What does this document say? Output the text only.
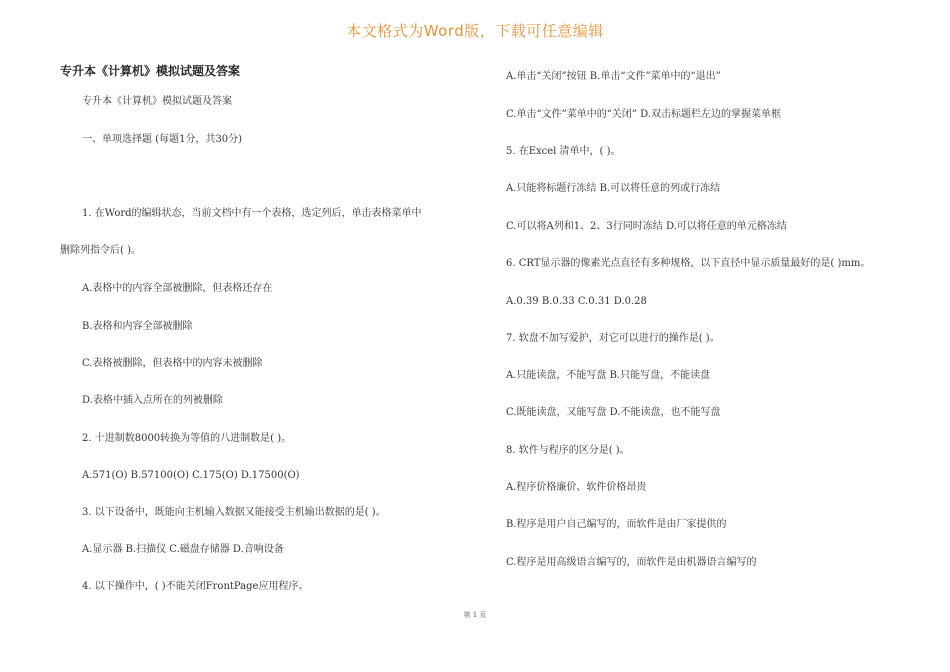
本文格式为Word版，下载可任意编辑
专升本《计算机》模拟试题及答案
专升本《计算机》模拟试题及答案
一、单项选择题 (每题1分，共30分)
1. 在Word的编辑状态，当前文档中有一个表格，选定列后，单击表格菜单中
删除列指令后( )。
A.表格中的内容全部被删除，但表格还存在
B.表格和内容全部被删除
C.表格被删除，但表格中的内容未被删除
D.表格中插入点所在的列被删除
2. 十进制数8000转换为等值的八进制数是( )。
A.571(O) B.57100(O) C.175(O) D.17500(O)
3. 以下设备中，既能向主机输入数据又能接受主机输出数据的是( )。
A.显示器 B.扫描仪 C.磁盘存储器 D.音响设备
4. 以下操作中，( )不能关闭FrontPage应用程序。
A.单击“关闭”按钮 B.单击“文件”菜单中的“退出”
C.单击“文件”菜单中的“关闭” D.双击标题栏左边的掌握菜单框
5. 在Excel 清单中，( )。
A.只能将标题行冻结 B.可以将任意的列或行冻结
C.可以将A列和1、2、3行同时冻结 D.可以将任意的单元格冻结
6. CRT显示器的像素光点直径有多种规格，以下直径中显示质量最好的是( )mm。
A.0.39 B.0.33 C.0.31 D.0.28
7. 软盘不加写爱护，对它可以进行的操作是( )。
A.只能读盘，不能写盘 B.只能写盘，不能读盘
C.既能读盘，又能写盘 D.不能读盘，也不能写盘
8. 软件与程序的区分是( )。
A.程序价格廉价、软件价格昂贵
B.程序是用户自己编写的，而软件是由厂家提供的
C.程序是用高级语言编写的，而软件是由机器语言编写的
第 1 页
